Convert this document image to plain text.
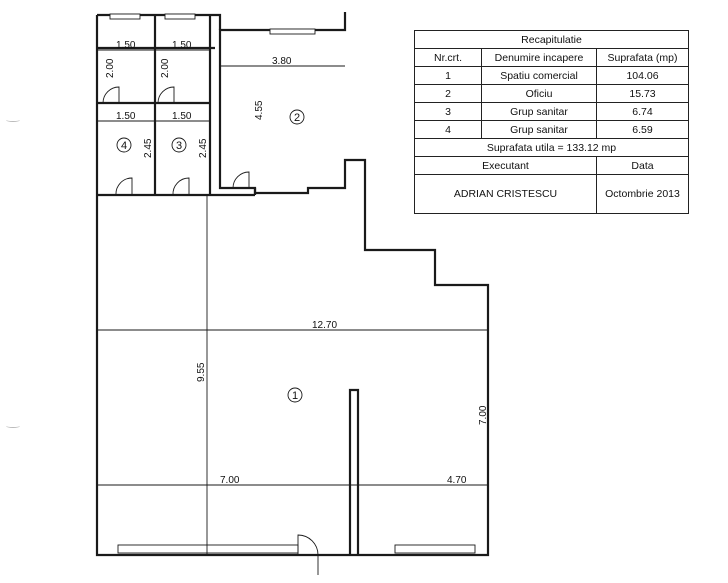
1.50	1.50
2.00	2.00	3.80
4.55
1.50	1.50
2.45	2.45
12.70
9.55
7.00
7.00	4.70
4	3
2
1
Recapitulatie		
Nr.crt.	Denumire incapere	Suprafata (mp)
1	Spatiu comercial	104.06
2	Oficiu	15.73
3	Grup sanitar	6.74
4	Grup sanitar	6.59
Suprafata utila = 133.12 mp		
Executant		Data
ADRIAN CRISTESCU		Octombrie 2013
